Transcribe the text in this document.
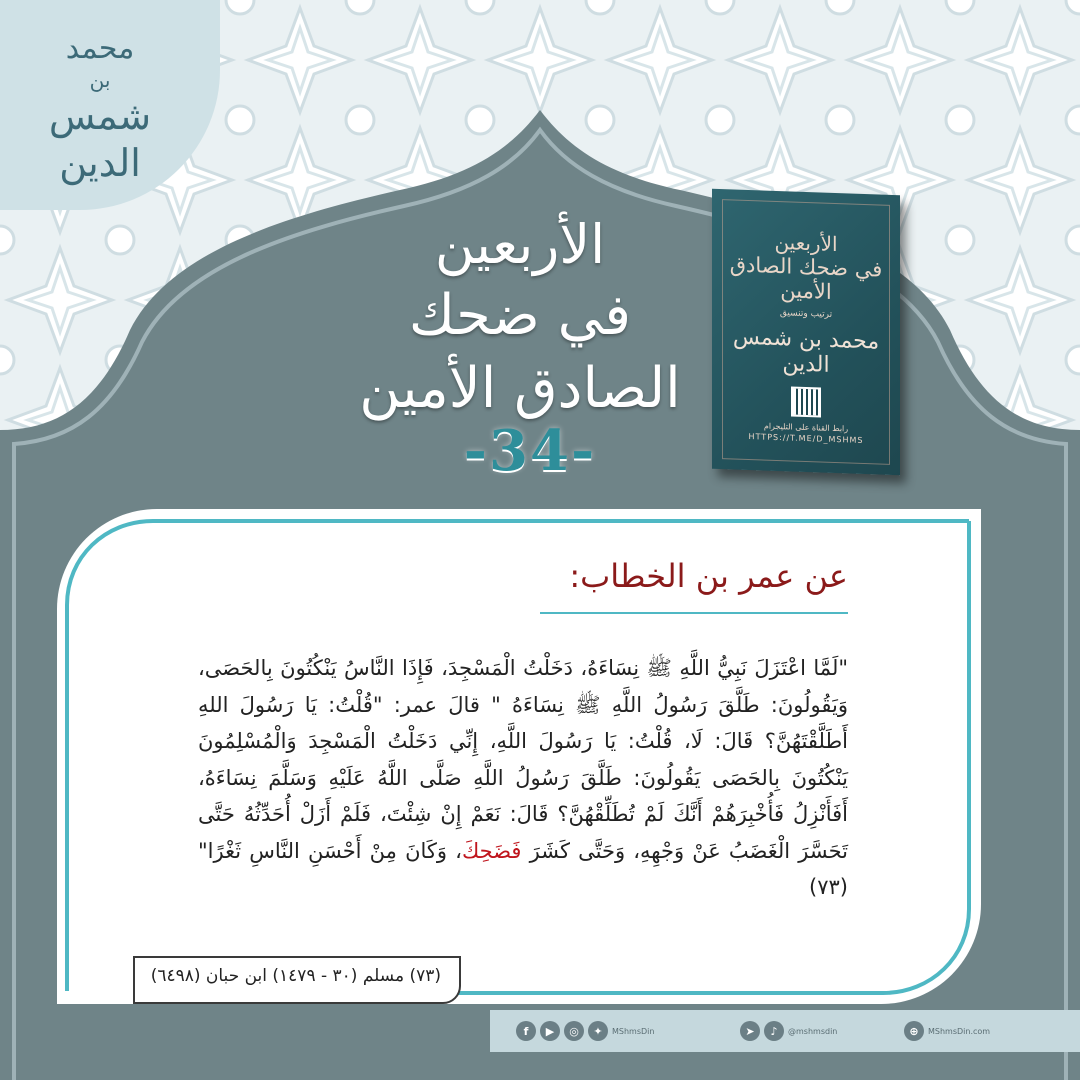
محمد
بن
شمس الدين
الأربعين
في ضحك الصادق الأمين
-34-
الأربعين
في ضحك الصادق الأمين
ترتيب وتنسيق
محمد بن شمس الدين
رابط القناة على التليجرام
HTTPS://T.ME/D_MSHMS
عن عمر بن الخطاب:
"لَمَّا اعْتَزَلَ نَبِيُّ اللَّهِ ﷺ نِسَاءَهُ، دَخَلْتُ الْمَسْجِدَ، فَإِذَا النَّاسُ يَنْكُتُونَ بِالحَصَى، وَيَقُولُونَ: طَلَّقَ رَسُولُ اللَّهِ ﷺ نِسَاءَهُ " قالَ عمر: "قُلْتُ: يَا رَسُولَ اللهِ أَطَلَّقْتَهُنَّ؟ قَالَ: لَا، قُلْتُ: يَا رَسُولَ اللَّهِ، إِنِّي دَخَلْتُ الْمَسْجِدَ وَالْمُسْلِمُونَ يَنْكُتُونَ بِالحَصَى يَقُولُونَ: طَلَّقَ رَسُولُ اللَّهِ صَلَّى اللَّهُ عَلَيْهِ وَسَلَّمَ نِسَاءَهُ، أَفَأَنْزِلُ فَأُخْبِرَهُمْ أَنَّكَ لَمْ تُطَلِّقْهُنَّ؟ قَالَ: نَعَمْ إِنْ شِئْتَ، فَلَمْ أَزَلْ أُحَدِّثُهُ حَتَّى تَحَسَّرَ الْغَضَبُ عَنْ وَجْهِهِ، وَحَتَّى كَشَرَ فَضَحِكَ، وَكَانَ مِنْ أَحْسَنِ النَّاسِ ثَغْرًا"(٧٣)
(٧٣) مسلم (٣٠ - ١٤٧٩) ابن حبان (٦٤٩٨)
f	▶	◎	✦	MShmsDin	➤	♪	@mshmsdin	⊕	MShmsDin.com
